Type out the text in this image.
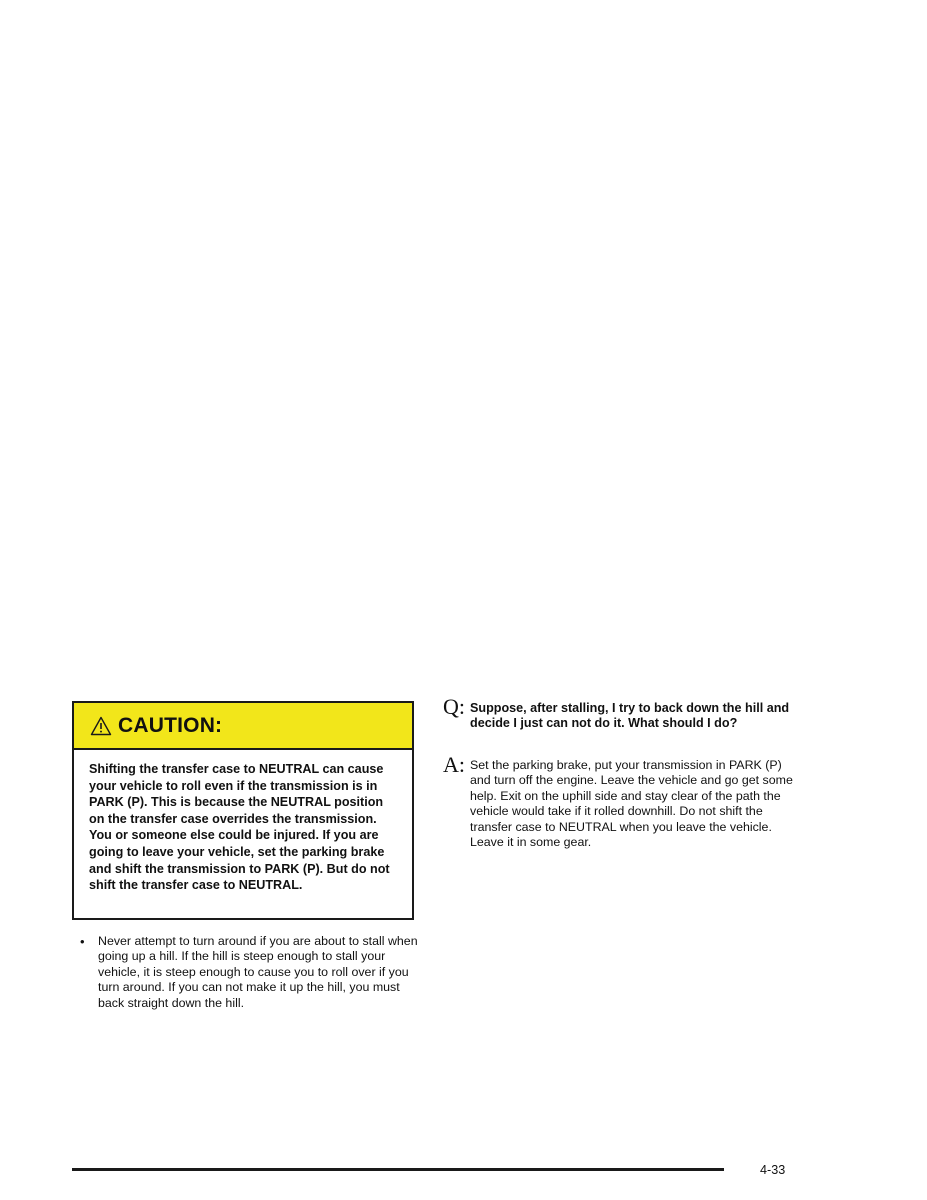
CAUTION:

Shifting the transfer case to NEUTRAL can cause your vehicle to roll even if the transmission is in PARK (P). This is because the NEUTRAL position on the transfer case overrides the transmission. You or someone else could be injured. If you are going to leave your vehicle, set the parking brake and shift the transmission to PARK (P). But do not shift the transfer case to NEUTRAL.

•	Never attempt to turn around if you are about to stall when going up a hill. If the hill is steep enough to stall your vehicle, it is steep enough to cause you to roll over if you turn around. If you can not make it up the hill, you must back straight down the hill.
Q: Suppose, after stalling, I try to back down the hill and decide I just can not do it. What should I do?
A: Set the parking brake, put your transmission in PARK (P) and turn off the engine. Leave the vehicle and go get some help. Exit on the uphill side and stay clear of the path the vehicle would take if it rolled downhill. Do not shift the transfer case to NEUTRAL when you leave the vehicle. Leave it in some gear.
4-33
